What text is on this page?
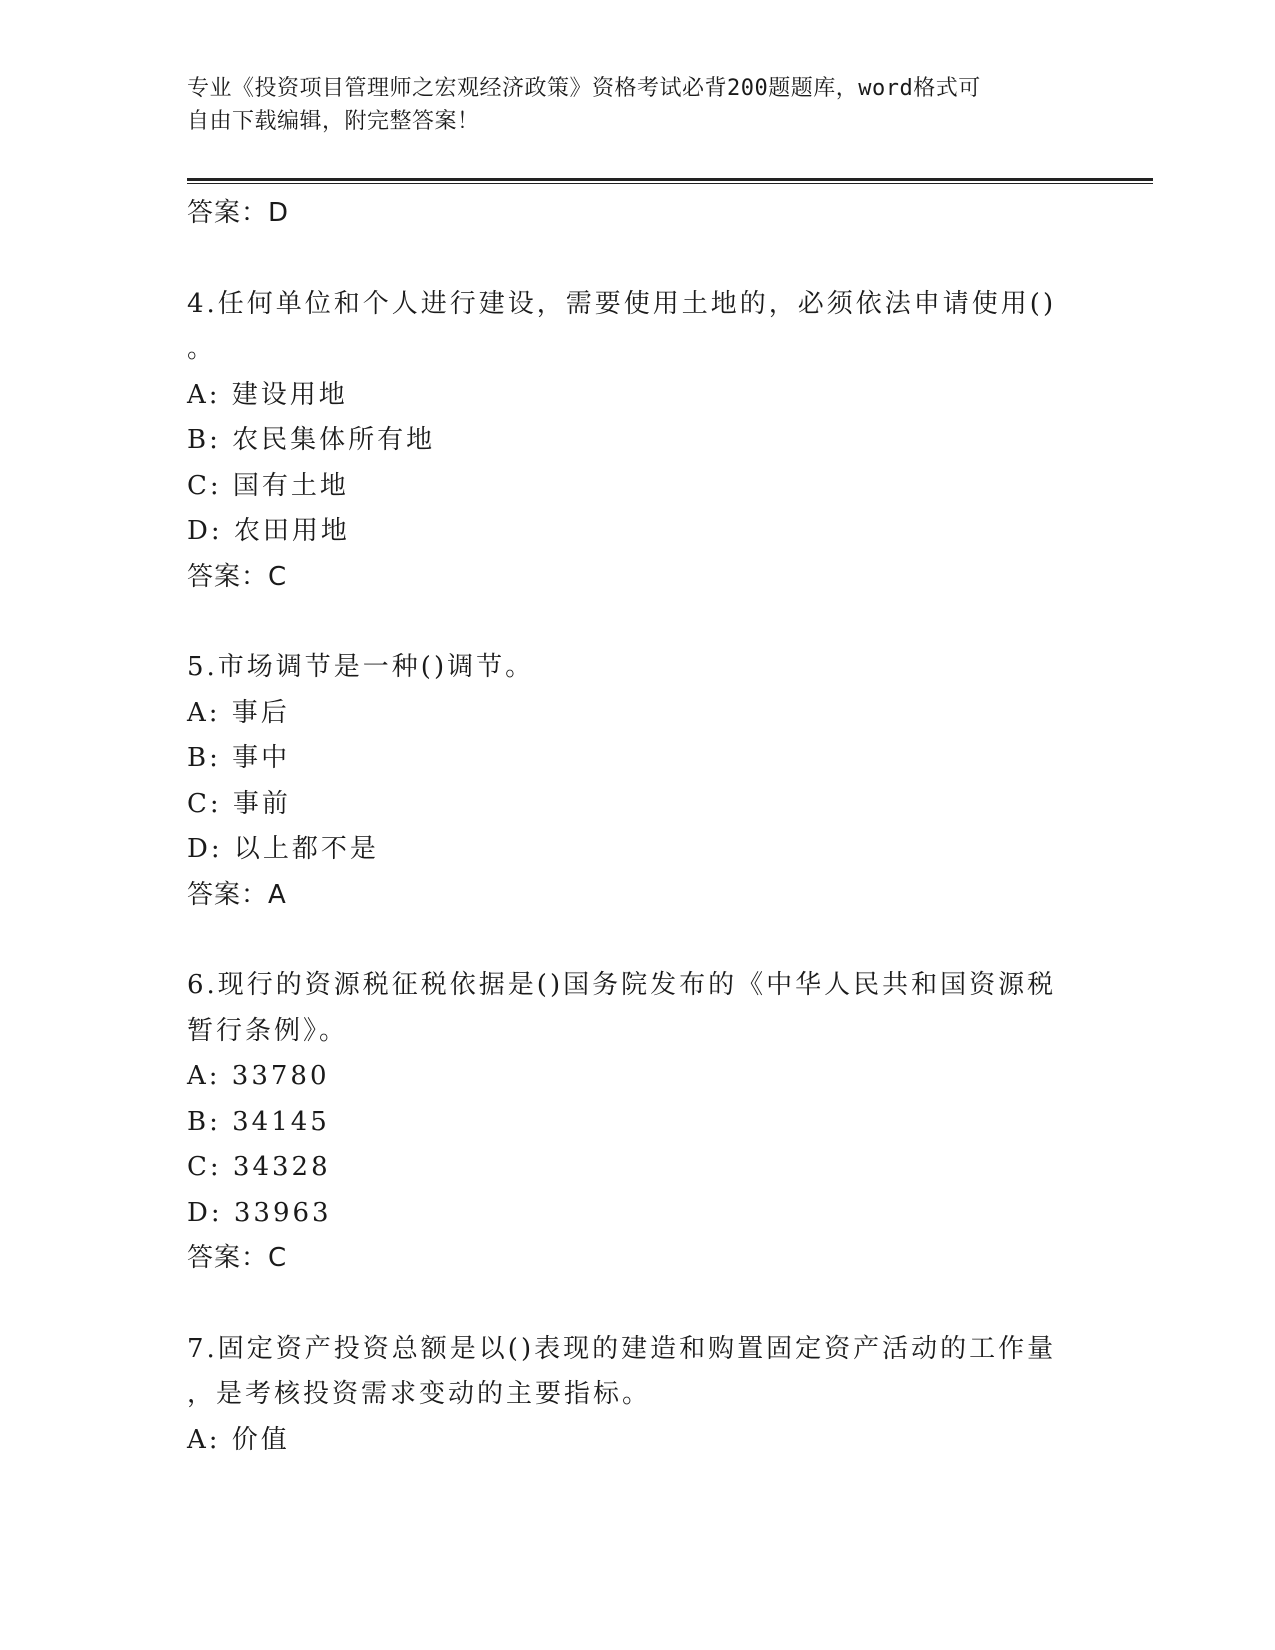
专业《投资项目管理师之宏观经济政策》资格考试必背200题题库，word格式可
自由下载编辑，附完整答案！
答案：D
4.任何单位和个人进行建设，需要使用土地的，必须依法申请使用()
。
A: 建设用地
B: 农民集体所有地
C: 国有土地
D: 农田用地
答案：C
5.市场调节是一种()调节。
A: 事后
B: 事中
C: 事前
D: 以上都不是
答案：A
6.现行的资源税征税依据是()国务院发布的《中华人民共和国资源税
暂行条例》。
A: 33780
B: 34145
C: 34328
D: 33963
答案：C
7.固定资产投资总额是以()表现的建造和购置固定资产活动的工作量
，是考核投资需求变动的主要指标。
A: 价值
